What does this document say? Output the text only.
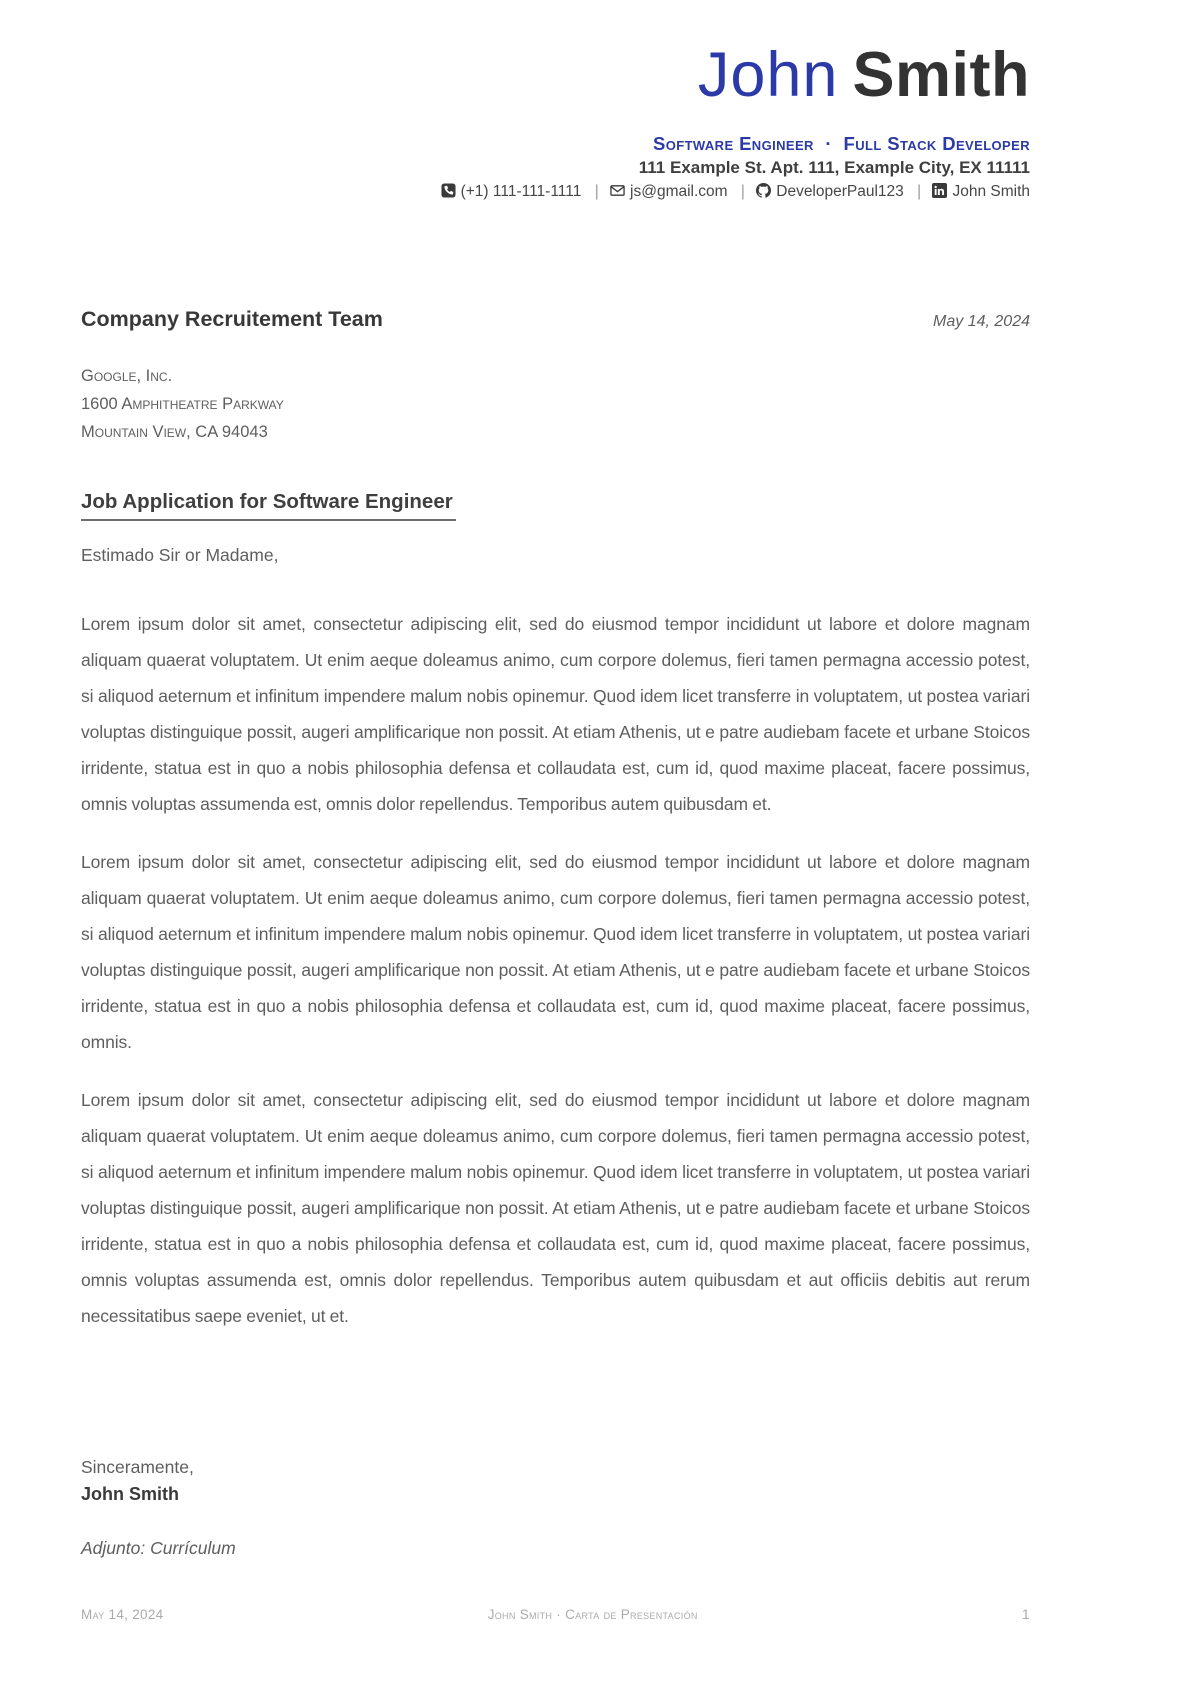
John Smith
Software Engineer · Full Stack Developer
111 Example St. Apt. 111, Example City, EX 11111
(+1) 111-111-1111 | js@gmail.com | DeveloperPaul123 | John Smith
Company Recruitement Team	May 14, 2024
Google, Inc.
1600 Amphitheatre Parkway
Mountain View, CA 94043
Job Application for Software Engineer
Estimado Sir or Madame,

Lorem ipsum dolor sit amet, consectetur adipiscing elit, sed do eiusmod tempor incididunt ut labore et dolore magnam aliquam quaerat voluptatem. Ut enim aeque doleamus animo, cum corpore dolemus, fieri tamen permagna accessio potest, si aliquod aeternum et infinitum impendere malum nobis opinemur. Quod idem licet transferre in voluptatem, ut postea variari voluptas distinguique possit, augeri amplificarique non possit. At etiam Athenis, ut e patre audiebam facete et urbane Stoicos irridente, statua est in quo a nobis philosophia defensa et collaudata est, cum id, quod maxime placeat, facere possimus, omnis voluptas assumenda est, omnis dolor repellendus. Temporibus autem quibusdam et.

Lorem ipsum dolor sit amet, consectetur adipiscing elit, sed do eiusmod tempor incididunt ut labore et dolore magnam aliquam quaerat voluptatem. Ut enim aeque doleamus animo, cum corpore dolemus, fieri tamen permagna accessio potest, si aliquod aeternum et infinitum impendere malum nobis opinemur. Quod idem licet transferre in voluptatem, ut postea variari voluptas distinguique possit, augeri amplificarique non possit. At etiam Athenis, ut e patre audiebam facete et urbane Stoicos irridente, statua est in quo a nobis philosophia defensa et collaudata est, cum id, quod maxime placeat, facere possimus, omnis.

Lorem ipsum dolor sit amet, consectetur adipiscing elit, sed do eiusmod tempor incididunt ut labore et dolore magnam aliquam quaerat voluptatem. Ut enim aeque doleamus animo, cum corpore dolemus, fieri tamen permagna accessio potest, si aliquod aeternum et infinitum impendere malum nobis opinemur. Quod idem licet transferre in voluptatem, ut postea variari voluptas distinguique possit, augeri amplificarique non possit. At etiam Athenis, ut e patre audiebam facete et urbane Stoicos irridente, statua est in quo a nobis philosophia defensa et collaudata est, cum id, quod maxime placeat, facere possimus, omnis voluptas assumenda est, omnis dolor repellendus. Temporibus autem quibusdam et aut officiis debitis aut rerum necessitatibus saepe eveniet, ut et.

Sinceramente,
John Smith
Adjunto: Currículum
May 14, 2024	John Smith · Carta de Presentación	1
